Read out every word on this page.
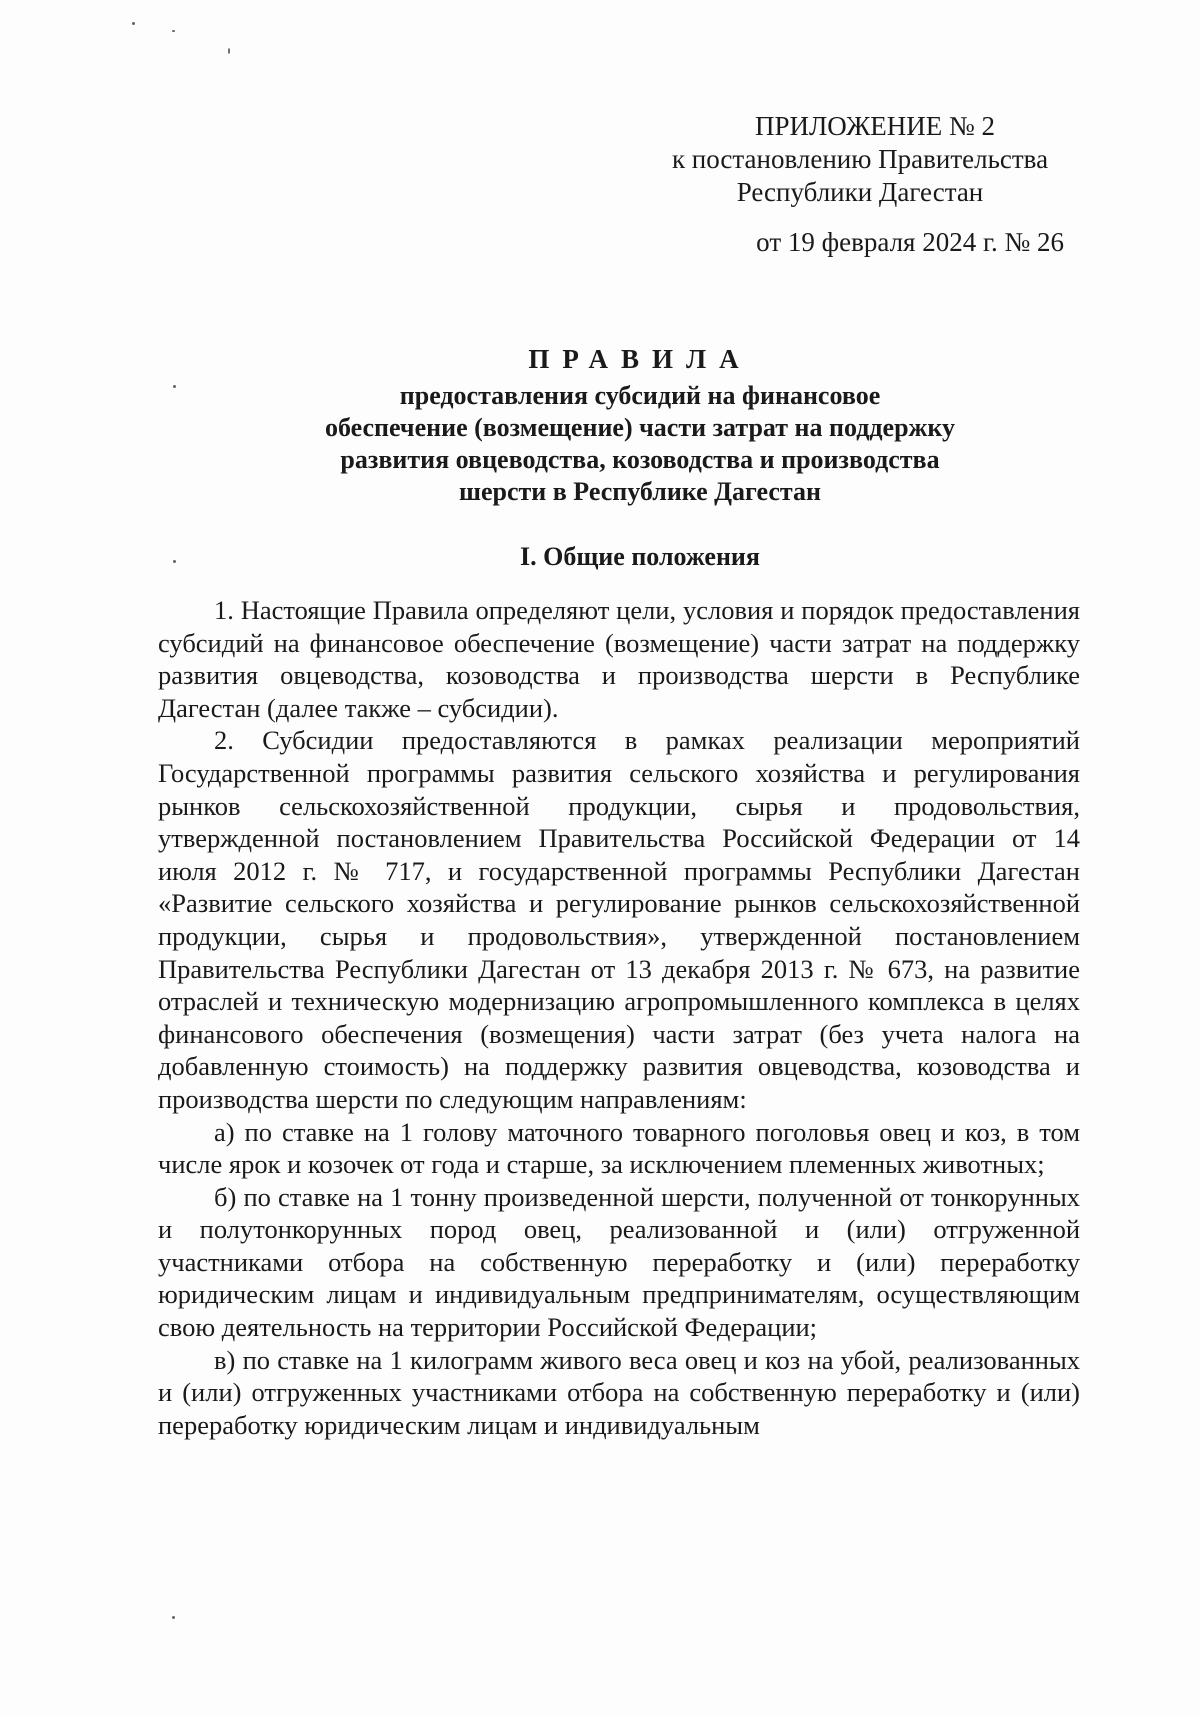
ПРИЛОЖЕНИЕ № 2
к постановлению Правительства
Республики Дагестан
от 19 февраля 2024 г. № 26
ПРАВИЛА
предоставления субсидий на финансовое
обеспечение (возмещение) части затрат на поддержку
развития овцеводства, козоводства и производства
шерсти в Республике Дагестан
I. Общие положения

1. Настоящие Правила определяют цели, условия и порядок предоставления субсидий на финансовое обеспечение (возмещение) части затрат на поддержку развития овцеводства, козоводства и производства шерсти в Республике Дагестан (далее также – субсидии).

2. Субсидии предоставляются в рамках реализации мероприятий Государственной программы развития сельского хозяйства и регулирования рынков сельскохозяйственной продукции, сырья и продовольствия, утвержденной постановлением Правительства Российской Федерации от 14 июля 2012 г. № 717, и государственной программы Республики Дагестан «Развитие сельского хозяйства и регулирование рынков сельскохозяйственной продукции, сырья и продовольствия», утвержденной постановлением Правительства Республики Дагестан от 13 декабря 2013 г. № 673, на развитие отраслей и техническую модернизацию агропромышленного комплекса в целях финансового обеспечения (возмещения) части затрат (без учета налога на добавленную стоимость) на поддержку развития овцеводства, козоводства и производства шерсти по следующим направлениям:

а) по ставке на 1 голову маточного товарного поголовья овец и коз, в том числе ярок и козочек от года и старше, за исключением племенных животных;

б) по ставке на 1 тонну произведенной шерсти, полученной от тонкорунных и полутонкорунных пород овец, реализованной и (или) отгруженной участниками отбора на собственную переработку и (или) переработку юридическим лицам и индивидуальным предпринимателям, осуществляющим свою деятельность на территории Российской Федерации;

в) по ставке на 1 килограмм живого веса овец и коз на убой, реализованных и (или) отгруженных участниками отбора на собственную переработку и (или) переработку юридическим лицам и индивидуальным
